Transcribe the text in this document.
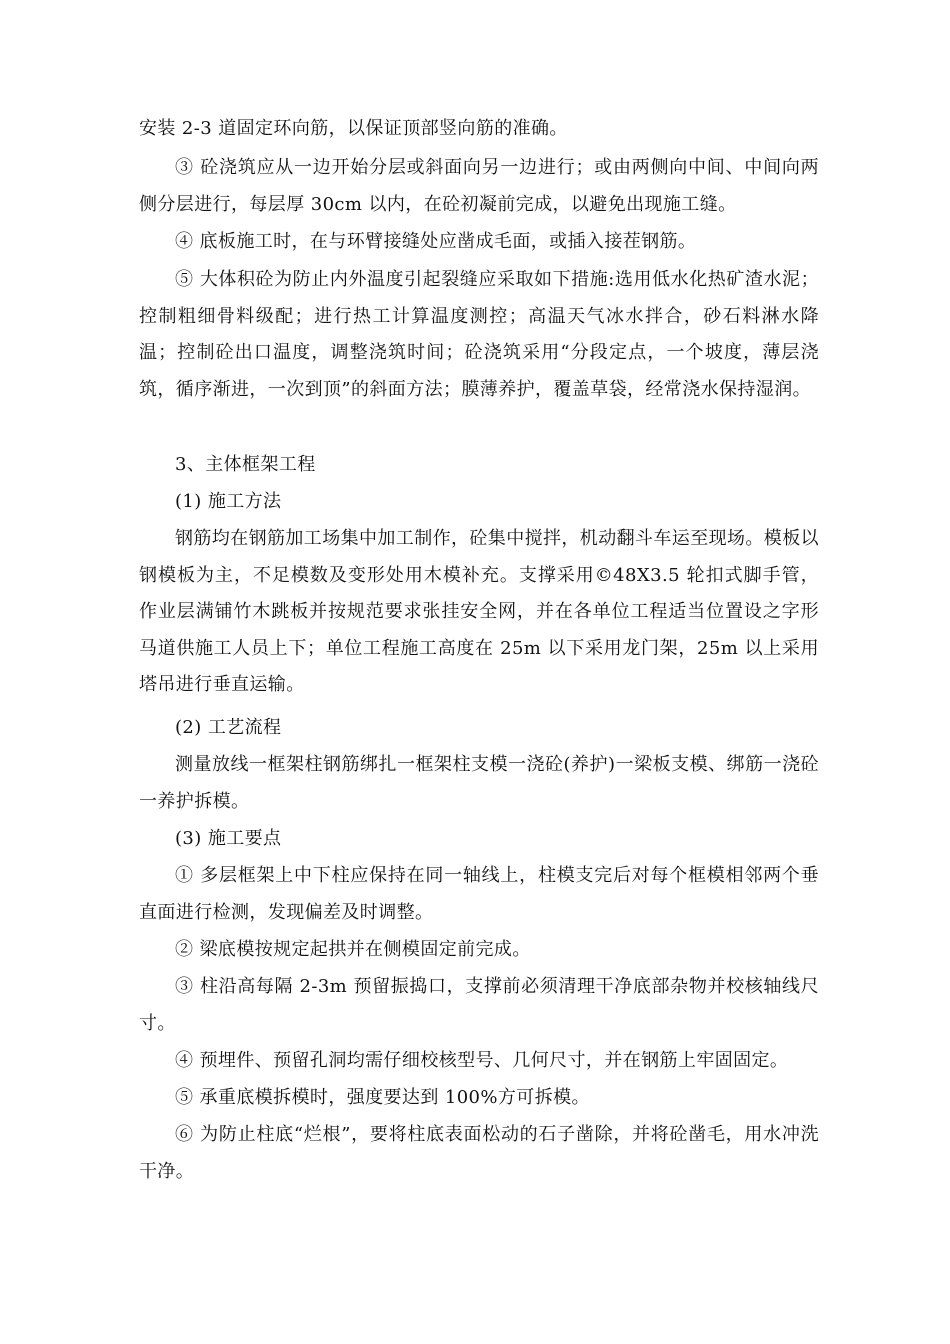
安装 2-3 道固定环向筋，以保证顶部竖向筋的准确。

③ 砼浇筑应从一边开始分层或斜面向另一边进行；或由两侧向中间、中间向两侧分层进行，每层厚 30cm 以内，在砼初凝前完成，以避免出现施工缝。

④ 底板施工时，在与环臂接缝处应凿成毛面，或插入接茬钢筋。

⑤ 大体积砼为防止内外温度引起裂缝应采取如下措施:选用低水化热矿渣水泥；控制粗细骨料级配；进行热工计算温度测控；高温天气冰水拌合，砂石料淋水降温；控制砼出口温度，调整浇筑时间；砼浇筑采用“分段定点，一个坡度，薄层浇筑，循序渐进，一次到顶”的斜面方法；膜薄养护，覆盖草袋，经常浇水保持湿润。

3、主体框架工程

(1) 施工方法

钢筋均在钢筋加工场集中加工制作，砼集中搅拌，机动翻斗车运至现场。模板以钢模板为主，不足模数及变形处用木模补充。支撑采用©48X3.5 轮扣式脚手管，作业层满铺竹木跳板并按规范要求张挂安全网，并在各单位工程适当位置设之字形马道供施工人员上下；单位工程施工高度在 25m 以下采用龙门架，25m 以上采用塔吊进行垂直运输。

(2) 工艺流程

测量放线一框架柱钢筋绑扎一框架柱支模一浇砼(养护)一梁板支模、绑筋一浇砼一养护拆模。

(3) 施工要点

① 多层框架上中下柱应保持在同一轴线上，柱模支完后对每个框模相邻两个垂直面进行检测，发现偏差及时调整。

② 梁底模按规定起拱并在侧模固定前完成。

③ 柱沿高每隔 2-3m 预留振捣口，支撑前必须清理干净底部杂物并校核轴线尺寸。

④ 预埋件、预留孔洞均需仔细校核型号、几何尺寸，并在钢筋上牢固固定。

⑤ 承重底模拆模时，强度要达到 100%方可拆模。

⑥ 为防止柱底“烂根”，要将柱底表面松动的石子凿除，并将砼凿毛，用水冲洗干净。
